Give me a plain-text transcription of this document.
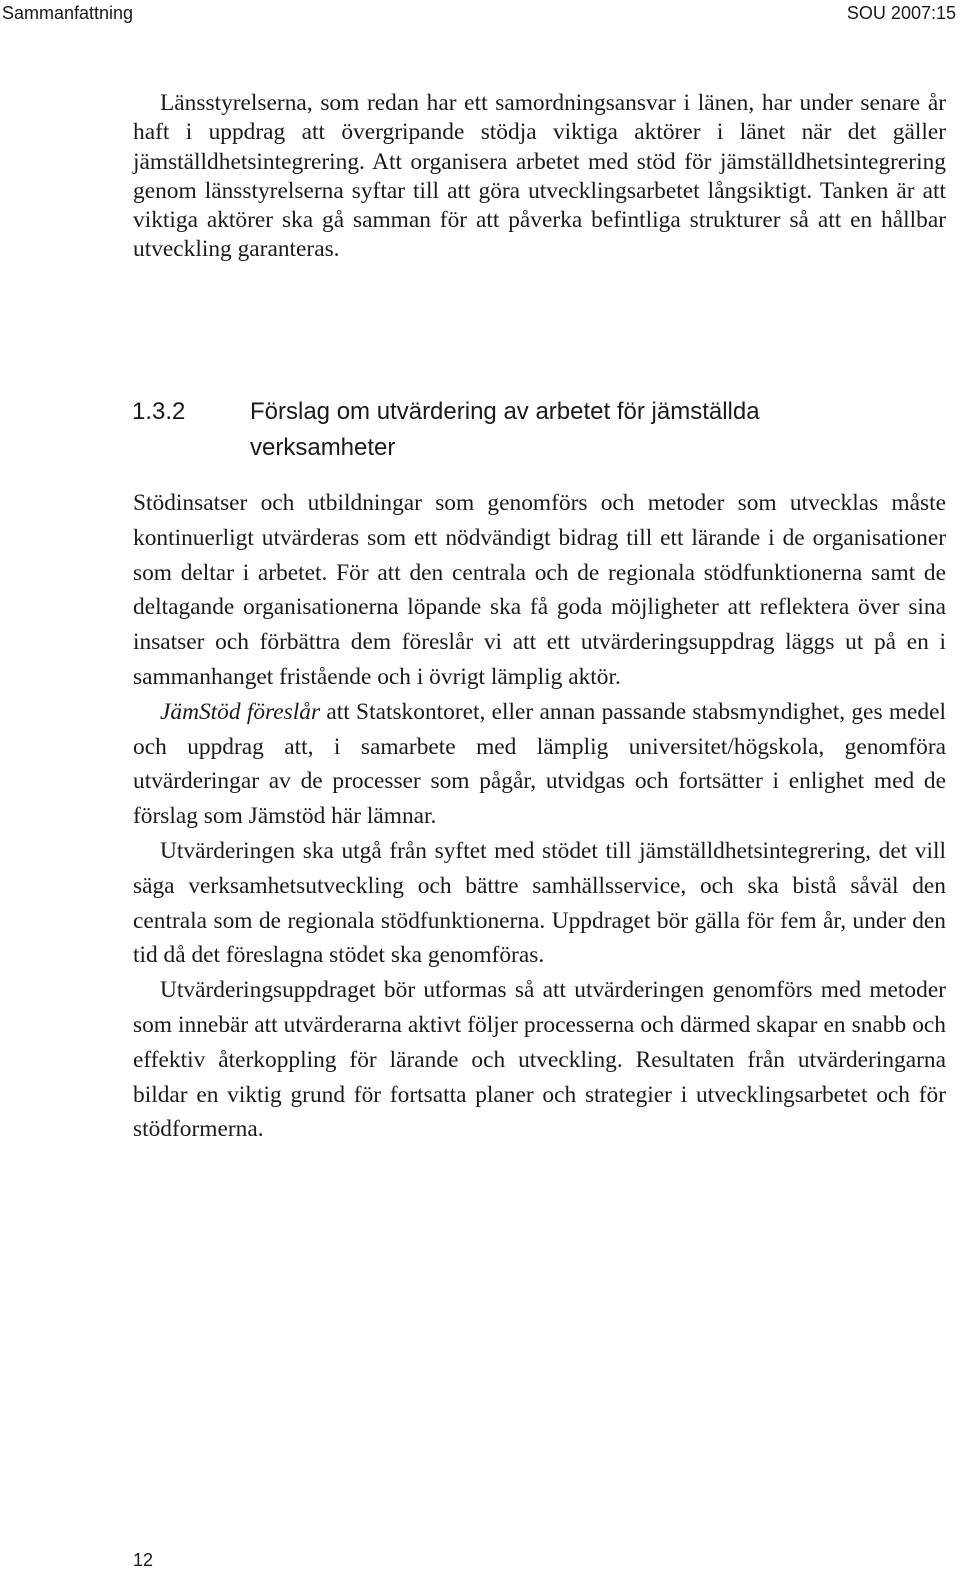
Sammanfattning	SOU 2007:15

Länsstyrelserna, som redan har ett samordningsansvar i länen, har under senare år haft i uppdrag att övergripande stödja viktiga aktörer i länet när det gäller jämställdhetsintegrering. Att organisera arbetet med stöd för jämställdhetsintegrering genom länsstyrelserna syftar till att göra utvecklingsarbetet långsiktigt. Tanken är att viktiga aktörer ska gå samman för att påverka befintliga strukturer så att en hållbar utveckling garanteras.

1.3.2	Förslag om utvärdering av arbetet för jämställda verksamheter

Stödinsatser och utbildningar som genomförs och metoder som utvecklas måste kontinuerligt utvärderas som ett nödvändigt bidrag till ett lärande i de organisationer som deltar i arbetet. För att den centrala och de regionala stödfunktionerna samt de deltagande organisationerna löpande ska få goda möjligheter att reflektera över sina insatser och förbättra dem föreslår vi att ett utvärderingsuppdrag läggs ut på en i sammanhanget fristående och i övrigt lämplig aktör.

JämStöd föreslår att Statskontoret, eller annan passande stabsmyndighet, ges medel och uppdrag att, i samarbete med lämplig universitet/högskola, genomföra utvärderingar av de processer som pågår, utvidgas och fortsätter i enlighet med de förslag som Jämstöd här lämnar.

Utvärderingen ska utgå från syftet med stödet till jämställdhetsintegrering, det vill säga verksamhetsutveckling och bättre samhällsservice, och ska bistå såväl den centrala som de regionala stödfunktionerna. Uppdraget bör gälla för fem år, under den tid då det föreslagna stödet ska genomföras.

Utvärderingsuppdraget bör utformas så att utvärderingen genomförs med metoder som innebär att utvärderarna aktivt följer processerna och därmed skapar en snabb och effektiv återkoppling för lärande och utveckling. Resultaten från utvärderingarna bildar en viktig grund för fortsatta planer och strategier i utvecklingsarbetet och för stödformerna.

12
